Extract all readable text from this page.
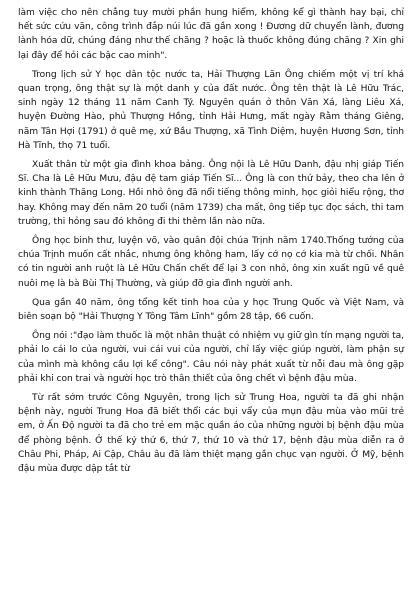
làm việc cho nên chẳng tuy mười phần hung hiểm, không kể gì thành hay bại, chỉ hết sức cứu vãn, công trình đắp núi lúc đã gần xong ! Đương dữ chuyển lành, đương lành hóa dữ, chúng đáng như thế chăng ? hoặc là thuốc không đúng chăng ? Xin ghi lại đây để hỏi các bậc cao minh".

Trong lịch sử Y học dân tộc nước ta, Hải Thượng Lãn Ông chiếm một vị trí khá quan trọng, ông thật sự là một danh y của đất nước. Ông tên thật là Lê Hữu Trác, sinh ngày 12 tháng 11 năm Canh Tý. Nguyên quán ở thôn Văn Xá, làng Liêu Xá, huyện Đường Hào, phủ Thượng Hồng, tỉnh Hải Hưng, mất ngày Rằm tháng Giêng, năm Tân Hợi (1791) ở quê mẹ, xứ Bầu Thượng, xã Tình Diệm, huyện Hương Sơn, tỉnh Hà Tĩnh, thọ 71 tuổi.

Xuất thân từ một gia đình khoa bảng. Ông nội là Lê Hữu Danh, đậu nhị giáp Tiến Sĩ. Cha là Lê Hữu Mưu, đậu đệ tam giáp Tiến Sĩ... Ông là con thứ bảy, theo cha lên ở kinh thành Thăng Long. Hồi nhỏ ông đã nổi tiếng thông minh, học giỏi hiểu rộng, thơ hay. Không may đến năm 20 tuổi (năm 1739) cha mất, ông tiếp tục đọc sách, thi tam trường, thi hỏng sau đó không đi thi thêm lần nào nữa.

Ông học binh thư, luyện võ, vào quân đội chúa Trịnh năm 1740.Thống tướng của chúa Trịnh muốn cất nhắc, nhưng ông không ham, lấy cớ nọ cớ kia mà từ chối. Nhân có tin người anh ruột là Lê Hữu Chấn chết để lại 3 con nhỏ, ông xin xuất ngũ về quê nuôi mẹ là bà Bùi Thị Thường, và giúp đỡ gia đình người anh.

Qua gần 40 năm, ông tổng kết tinh hoa của y học Trung Quốc và Việt Nam, và biên soạn bộ "Hải Thượng Y Tông Tâm Lĩnh" gồm 28 tập, 66 cuốn.

Ông nói :"đạo làm thuốc là một nhân thuật có nhiệm vụ giữ gìn tín mạng người ta, phải lo cái lo của người, vui cái vui của người, chỉ lấy việc giúp người, làm phận sự của mình mà không cầu lợi kể công". Câu nói này phát xuất từ nỗi đau mà ông gặp phải khi con trai và người học trò thân thiết của ông chết vì bệnh đậu mùa.

Từ rất sớm trước Công Nguyên, trong lịch sử Trung Hoa, người ta đã ghi nhận bệnh này, người Trung Hoa đã biết thổi các bụi vẩy của mụn đậu mùa vào mũi trẻ em, ở Ấn Độ người ta đã cho trẻ em mặc quần áo của những người bị bệnh đậu mùa để phòng bệnh. Ở thế kỷ thứ 6, thứ 7, thứ 10 và thứ 17, bệnh đậu mùa diễn ra ở Châu Phi, Pháp, Ai Cập, Châu âu đã làm thiệt mạng gần chục vạn người. Ở Mỹ, bệnh đậu mùa được dập tắt từ
